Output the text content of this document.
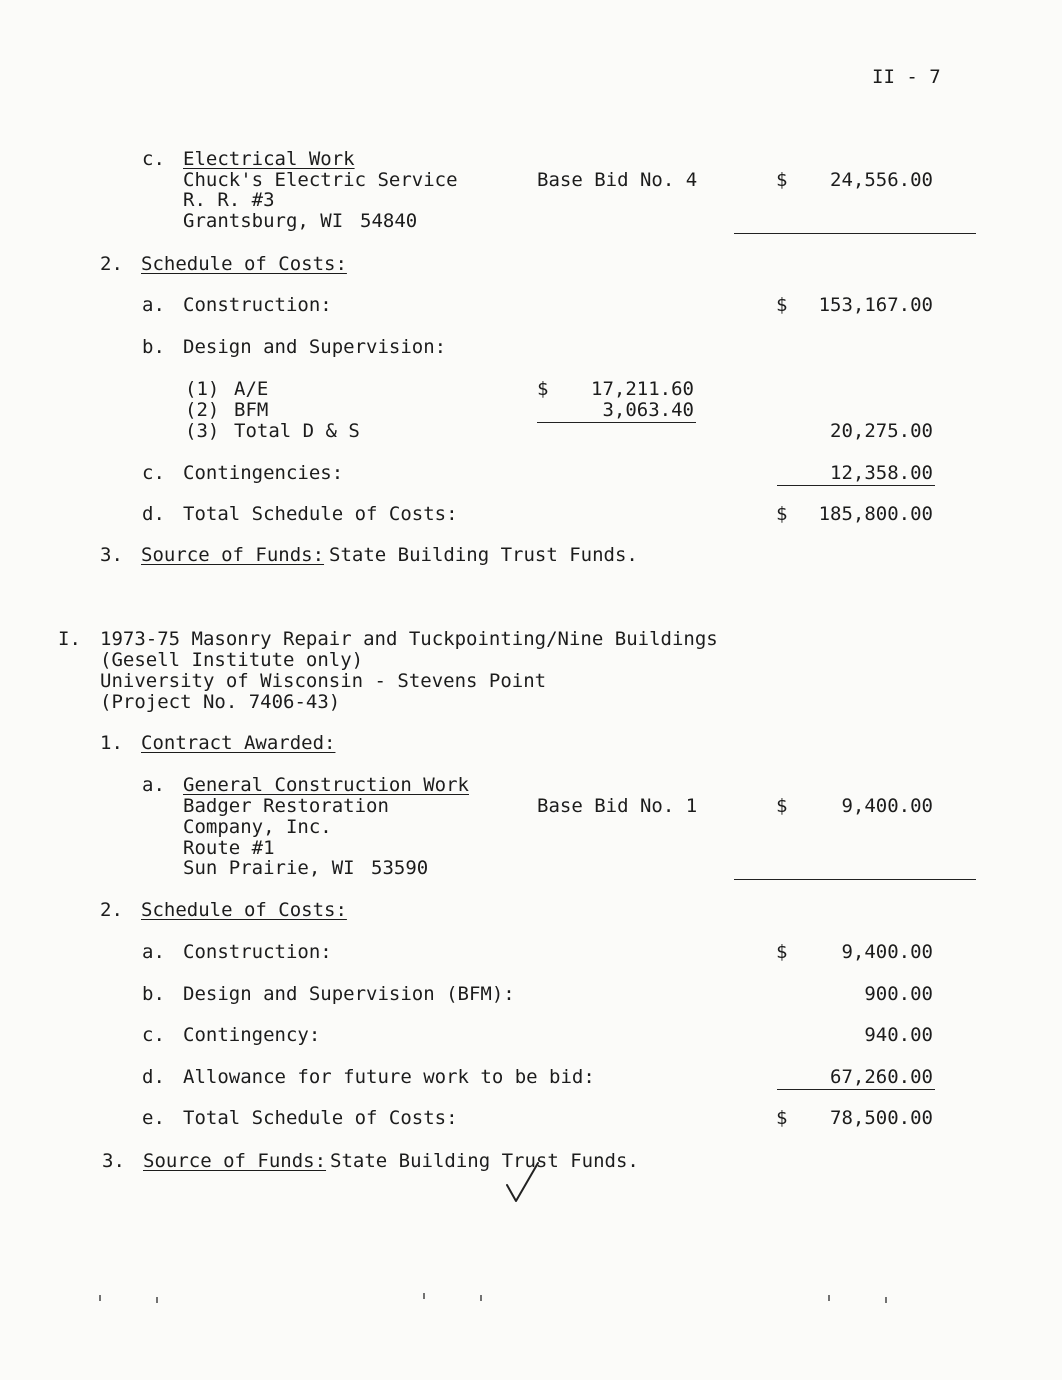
II - 7
c. Electrical Work
Chuck's Electric Service
R. R. #3
Grantsburg, WI 54840
Base Bid No. 4	$	24,556.00
2. Schedule of Costs:
a. Construction:	$	153,167.00
b. Design and Supervision:
(1) A/E	$	17,211.60
(2) BFM	3,063.40
(3) Total D & S	20,275.00
c. Contingencies:	12,358.00
d. Total Schedule of Costs:	$	185,800.00
3. Source of Funds: State Building Trust Funds.
I. 1973-75 Masonry Repair and Tuckpointing/Nine Buildings
(Gesell Institute only)
University of Wisconsin - Stevens Point
(Project No. 7406-43)
1. Contract Awarded:
a. General Construction Work
Badger Restoration
Company, Inc.
Route #1
Sun Prairie, WI 53590
Base Bid No. 1	$	9,400.00
2. Schedule of Costs:
a. Construction:	$	9,400.00
b. Design and Supervision (BFM):	900.00
c. Contingency:	940.00
d. Allowance for future work to be bid:	67,260.00
e. Total Schedule of Costs:	$	78,500.00
3. Source of Funds: State Building Trust Funds.
